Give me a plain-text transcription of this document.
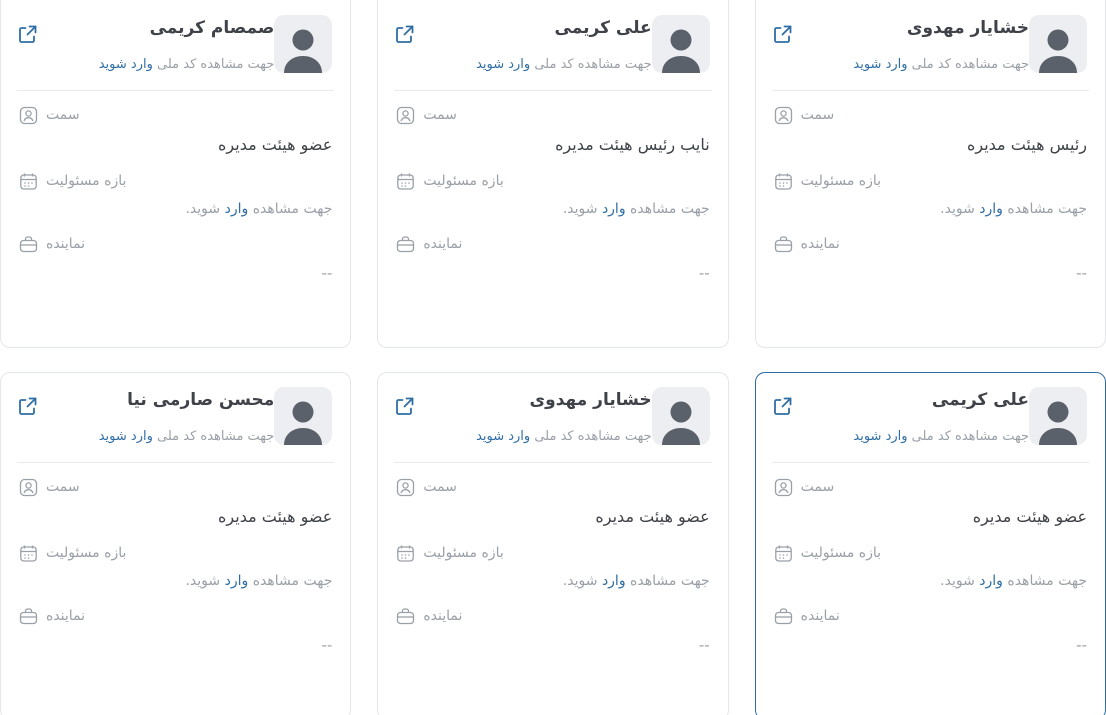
خشایار مهدوی
جهت مشاهده کد ملی وارد شوید
سمت
رئیس هیئت مدیره
بازه مسئولیت
جهت مشاهده وارد شوید.
نماینده
--
علی کریمی
جهت مشاهده کد ملی وارد شوید
سمت
نایب رئیس هیئت مدیره
بازه مسئولیت
جهت مشاهده وارد شوید.
نماینده
--
صمصام کریمی
جهت مشاهده کد ملی وارد شوید
سمت
عضو هیئت مدیره
بازه مسئولیت
جهت مشاهده وارد شوید.
نماینده
--
علی کریمی
جهت مشاهده کد ملی وارد شوید
سمت
عضو هیئت مدیره
بازه مسئولیت
جهت مشاهده وارد شوید.
نماینده
--
خشایار مهدوی
جهت مشاهده کد ملی وارد شوید
سمت
عضو هیئت مدیره
بازه مسئولیت
جهت مشاهده وارد شوید.
نماینده
--
محسن صارمی نیا
جهت مشاهده کد ملی وارد شوید
سمت
عضو هیئت مدیره
بازه مسئولیت
جهت مشاهده وارد شوید.
نماینده
--
